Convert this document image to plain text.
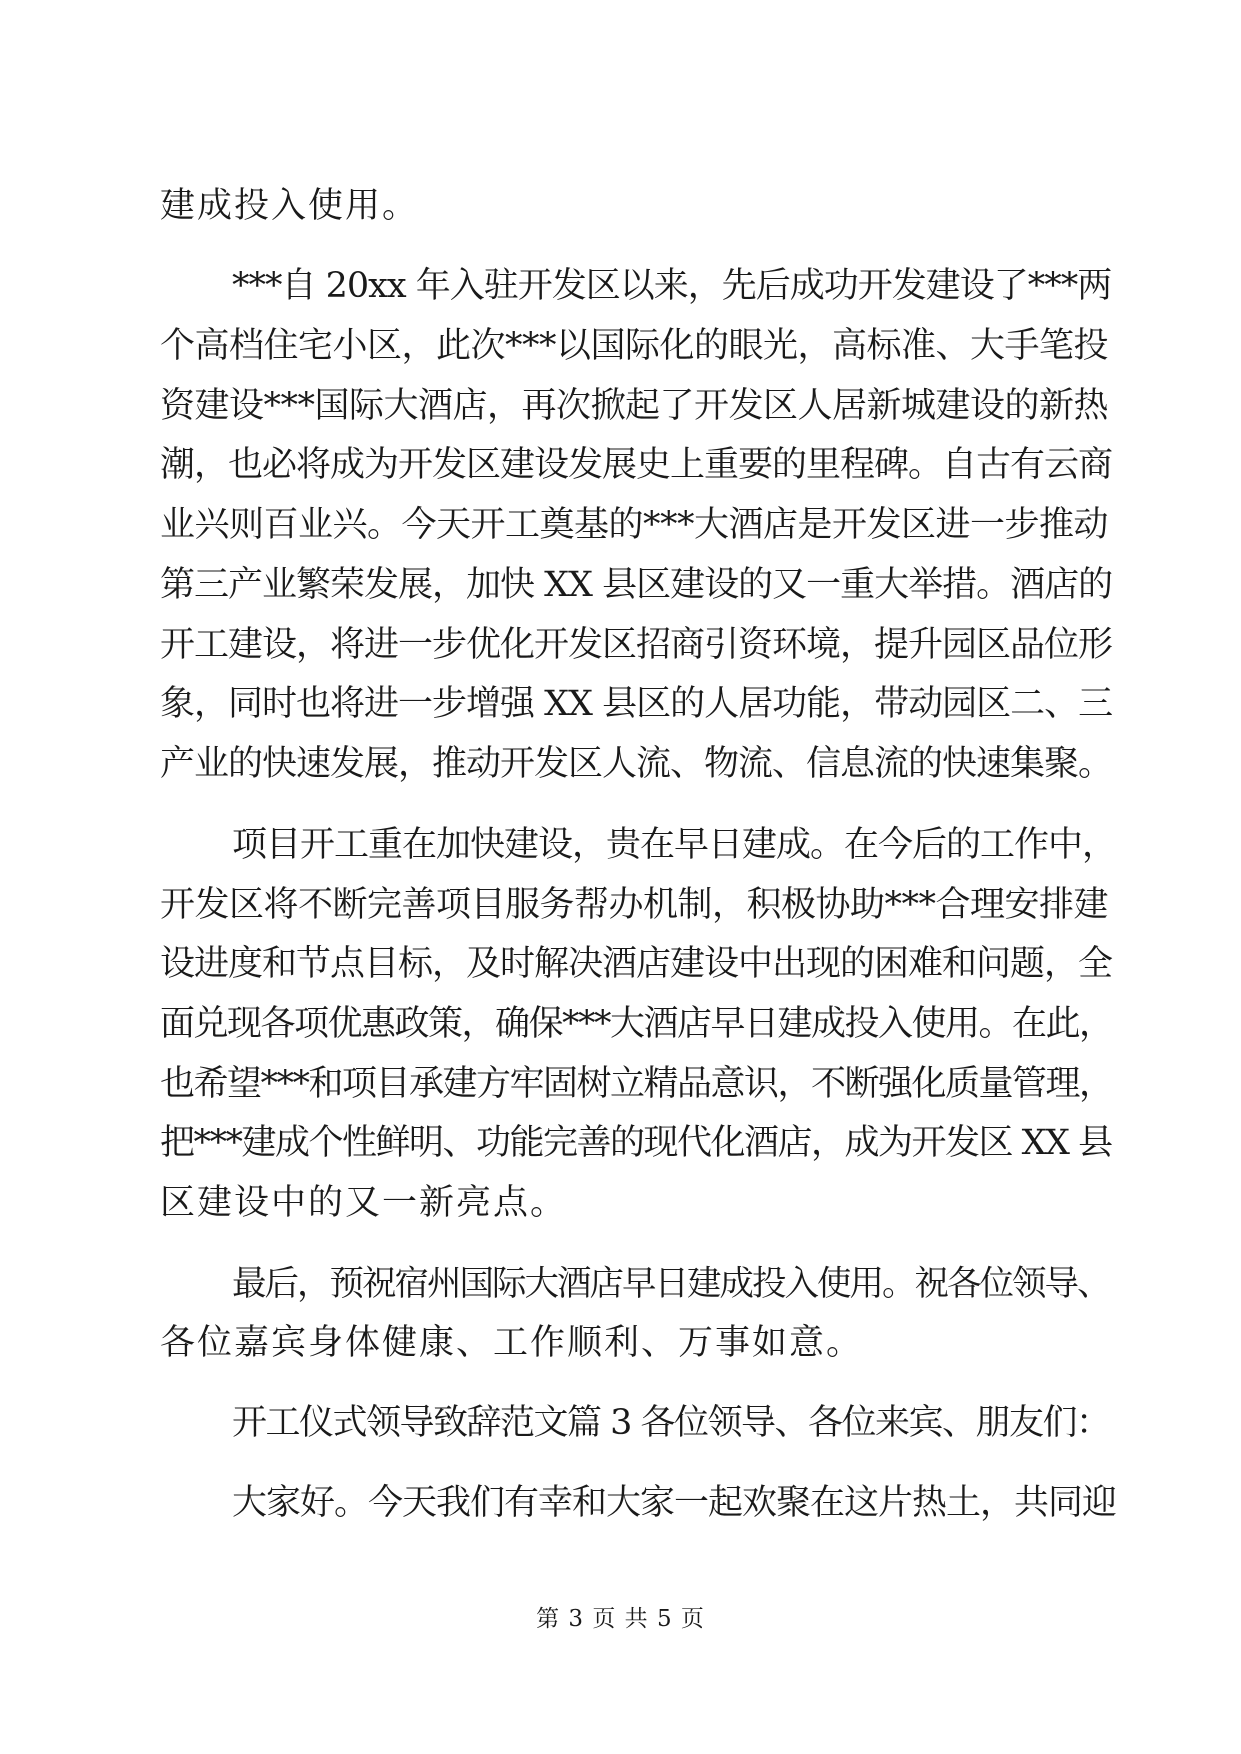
建成投入使用。
***自 20xx 年入驻开发区以来，先后成功开发建设了***两
个高档住宅小区，此次***以国际化的眼光，高标准、大手笔投
资建设***国际大酒店，再次掀起了开发区人居新城建设的新热
潮，也必将成为开发区建设发展史上重要的里程碑。自古有云商
业兴则百业兴。今天开工奠基的***大酒店是开发区进一步推动
第三产业繁荣发展，加快 XX 县区建设的又一重大举措。酒店的
开工建设，将进一步优化开发区招商引资环境，提升园区品位形
象，同时也将进一步增强 XX 县区的人居功能，带动园区二、三
产业的快速发展，推动开发区人流、物流、信息流的快速集聚。
项目开工重在加快建设，贵在早日建成。在今后的工作中，
开发区将不断完善项目服务帮办机制，积极协助***合理安排建
设进度和节点目标，及时解决酒店建设中出现的困难和问题，全
面兑现各项优惠政策，确保***大酒店早日建成投入使用。在此，
也希望***和项目承建方牢固树立精品意识，不断强化质量管理，
把***建成个性鲜明、功能完善的现代化酒店，成为开发区 XX 县
区建设中的又一新亮点。
最后，预祝宿州国际大酒店早日建成投入使用。祝各位领导、
各位嘉宾身体健康、工作顺利、万事如意。
开工仪式领导致辞范文篇 3 各位领导、各位来宾、朋友们：
大家好。今天我们有幸和大家一起欢聚在这片热土，共同迎
第 3 页 共 5 页
